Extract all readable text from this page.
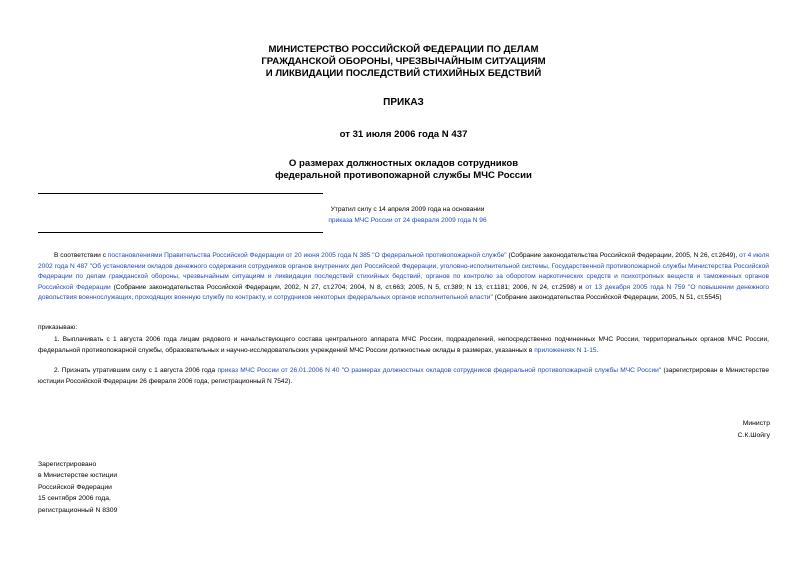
МИНИСТЕРСТВО РОССИЙСКОЙ ФЕДЕРАЦИИ ПО ДЕЛАМ
ГРАЖДАНСКОЙ ОБОРОНЫ, ЧРЕЗВЫЧАЙНЫМ СИТУАЦИЯМ
И ЛИКВИДАЦИИ ПОСЛЕДСТВИЙ СТИХИЙНЫХ БЕДСТВИЙ
ПРИКАЗ
от 31 июля 2006 года N 437
О размерах должностных окладов сотрудников
федеральной противопожарной службы МЧС России
Утратил силу с 14 апреля 2009 года на основании
приказа МЧС России от 24 февраля 2009 года N 96
В соответствии с постановлениями Правительства Российской Федерации от 20 июня 2005 года N 385 "О федеральной противопожарной службе" (Собрание законодательства Российской Федерации, 2005, N 26, ст.2649), от 4 июля 2002 года N 487 "Об установлении окладов денежного содержания сотрудников органов внутренних дел Российской Федерации, уголовно-исполнительной системы, Государственной противопожарной службы Министерства Российской Федерации по делам гражданской обороны, чрезвычайным ситуациям и ликвидации последствий стихийных бедствий, органов по контролю за оборотом наркотических средств и психотропных веществ и таможенных органов Российской Федерации (Собрание законодательства Российской Федерации, 2002, N 27, ст.2704; 2004, N 8, ст.663; 2005, N 5, ст.389; N 13, ст.1181; 2006, N 24, ст.2598) и от 13 декабря 2005 года N 759 "О повышении денежного довольствия военнослужащих, проходящих военную службу по контракту, и сотрудников некоторых федеральных органов исполнительной власти" (Собрание законодательства Российской Федерации, 2005, N 51, ст.5545)
приказываю:
1. Выплачивать с 1 августа 2006 года лицам рядового и начальствующего состава центрального аппарата МЧС России, подразделений, непосредственно подчиненных МЧС России, территориальных органов МЧС России, федеральной противопожарной службы, образовательных и научно-исследовательских учреждений МЧС России должностные оклады в размерах, указанных в приложениях N 1-15.
2. Признать утратившим силу с 1 августа 2006 года приказ МЧС России от 26.01.2006 N 40 "О размерах должностных окладов сотрудников федеральной противопожарной службы МЧС России" (зарегистрирован в Министерстве юстиции Российской Федерации 26 февраля 2006 года, регистрационный N 7542).
Министр
С.К.Шойгу
Зарегистрировано
в Министерстве юстиции
Российской Федерации
15 сентября 2006 года,
регистрационный N 8309
